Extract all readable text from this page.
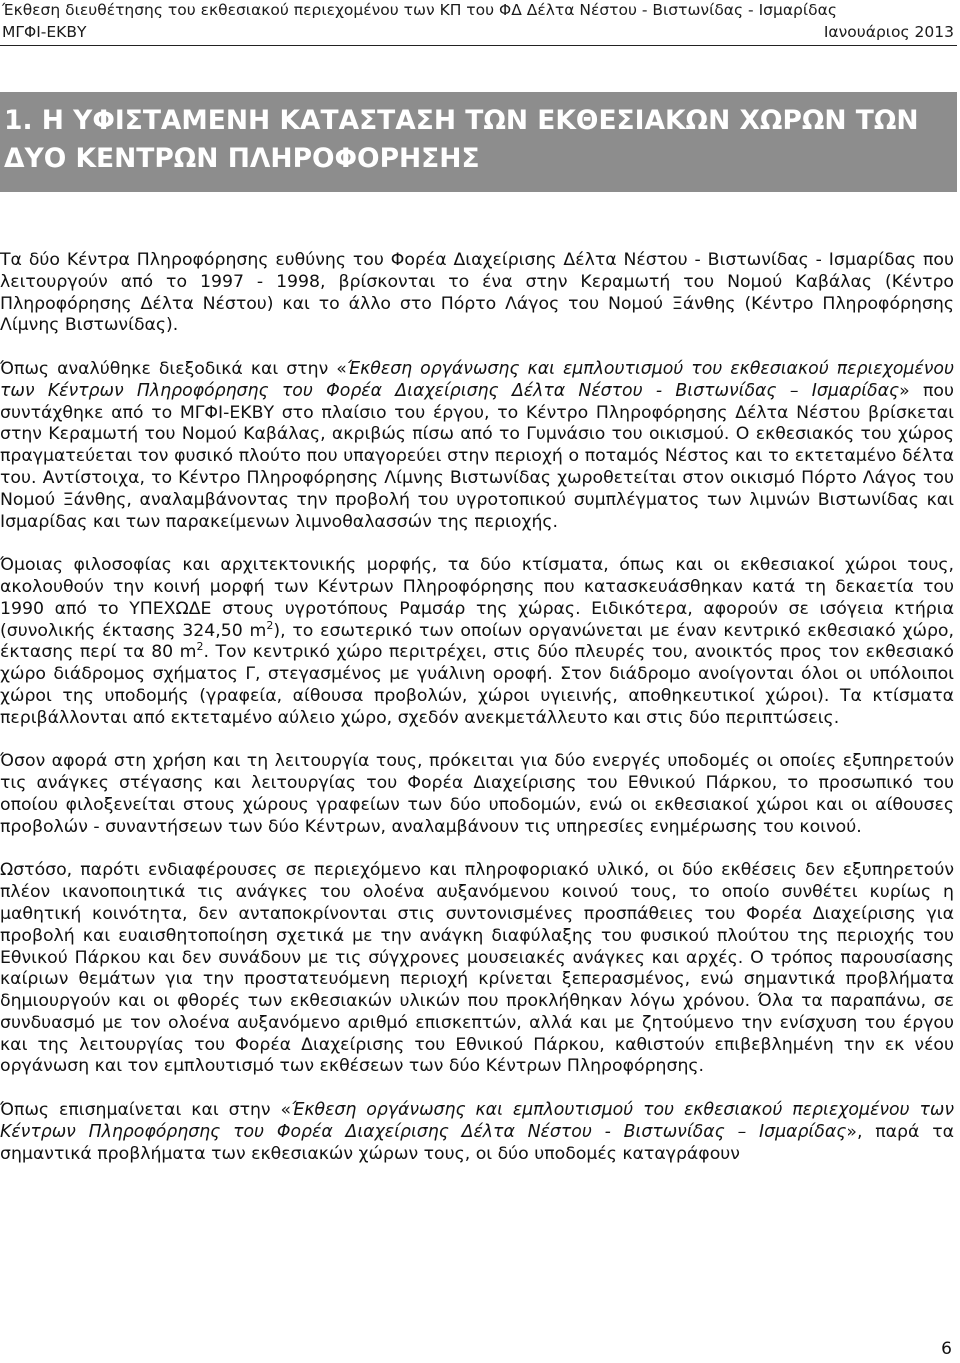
Έκθεση διευθέτησης του εκθεσιακού περιεχομένου των ΚΠ του ΦΔ Δέλτα Νέστου - Βιστωνίδας - Ισμαρίδας
ΜΓΦΙ-ΕΚΒΥ	Ιανουάριος 2013
1. Η ΥΦΙΣΤΑΜΕΝΗ ΚΑΤΑΣΤΑΣΗ ΤΩΝ ΕΚΘΕΣΙΑΚΩΝ ΧΩΡΩΝ ΤΩΝ
ΔΥΟ ΚΕΝΤΡΩΝ ΠΛΗΡΟΦΟΡΗΣΗΣ

Τα δύο Κέντρα Πληροφόρησης ευθύνης του Φορέα Διαχείρισης Δέλτα Νέστου - Βιστωνίδας - Ισμαρίδας που λειτουργούν από το 1997 - 1998, βρίσκονται το ένα στην Κεραμωτή του Νομού Καβάλας (Κέντρο Πληροφόρησης Δέλτα Νέστου) και το άλλο στο Πόρτο Λάγος του Νομού Ξάνθης (Κέντρο Πληροφόρησης Λίμνης Βιστωνίδας).

Όπως αναλύθηκε διεξοδικά και στην «Έκθεση οργάνωσης και εμπλουτισμού του εκθεσιακού περιεχομένου των Κέντρων Πληροφόρησης του Φορέα Διαχείρισης Δέλτα Νέστου - Βιστωνίδας – Ισμαρίδας» που συντάχθηκε από το ΜΓΦΙ-ΕΚΒΥ στο πλαίσιο του έργου, το Κέντρο Πληροφόρησης Δέλτα Νέστου βρίσκεται στην Κεραμωτή του Νομού Καβάλας, ακριβώς πίσω από το Γυμνάσιο του οικισμού. Ο εκθεσιακός του χώρος πραγματεύεται τον φυσικό πλούτο που υπαγορεύει στην περιοχή ο ποταμός Νέστος και το εκτεταμένο δέλτα του. Αντίστοιχα, το Κέντρο Πληροφόρησης Λίμνης Βιστωνίδας χωροθετείται στον οικισμό Πόρτο Λάγος του Νομού Ξάνθης, αναλαμβάνοντας την προβολή του υγροτοπικού συμπλέγματος των λιμνών Βιστωνίδας και Ισμαρίδας και των παρακείμενων λιμνοθαλασσών της περιοχής.

Όμοιας φιλοσοφίας και αρχιτεκτονικής μορφής, τα δύο κτίσματα, όπως και οι εκθεσιακοί χώροι τους, ακολουθούν την κοινή μορφή των Κέντρων Πληροφόρησης που κατασκευάσθηκαν κατά τη δεκαετία του 1990 από το ΥΠΕΧΩΔΕ στους υγροτόπους Ραμσάρ της χώρας. Ειδικότερα, αφορούν σε ισόγεια κτήρια (συνολικής έκτασης 324,50 $m^2$), το εσωτερικό των οποίων οργανώνεται με έναν κεντρικό εκθεσιακό χώρο, έκτασης περί τα 80 $m^2$. Τον κεντρικό χώρο περιτρέχει, στις δύο πλευρές του, ανοικτός προς τον εκθεσιακό χώρο διάδρομος σχήματος Γ, στεγασμένος με γυάλινη οροφή. Στον διάδρομο ανοίγονται όλοι οι υπόλοιποι χώροι της υποδομής (γραφεία, αίθουσα προβολών, χώροι υγιεινής, αποθηκευτικοί χώροι). Τα κτίσματα περιβάλλονται από εκτεταμένο αύλειο χώρο, σχεδόν ανεκμετάλλευτο και στις δύο περιπτώσεις.

Όσον αφορά στη χρήση και τη λειτουργία τους, πρόκειται για δύο ενεργές υποδομές οι οποίες εξυπηρετούν τις ανάγκες στέγασης και λειτουργίας του Φορέα Διαχείρισης του Εθνικού Πάρκου, το προσωπικό του οποίου φιλοξενείται στους χώρους γραφείων των δύο υποδομών, ενώ οι εκθεσιακοί χώροι και οι αίθουσες προβολών - συναντήσεων των δύο Κέντρων, αναλαμβάνουν τις υπηρεσίες ενημέρωσης του κοινού.

Ωστόσο, παρότι ενδιαφέρουσες σε περιεχόμενο και πληροφοριακό υλικό, οι δύο εκθέσεις δεν εξυπηρετούν πλέον ικανοποιητικά τις ανάγκες του ολοένα αυξανόμενου κοινού τους, το οποίο συνθέτει κυρίως η μαθητική κοινότητα, δεν ανταποκρίνονται στις συντονισμένες προσπάθειες του Φορέα Διαχείρισης για προβολή και ευαισθητοποίηση σχετικά με την ανάγκη διαφύλαξης του φυσικού πλούτου της περιοχής του Εθνικού Πάρκου και δεν συνάδουν με τις σύγχρονες μουσειακές ανάγκες και αρχές. Ο τρόπος παρουσίασης καίριων θεμάτων για την προστατευόμενη περιοχή κρίνεται ξεπερασμένος, ενώ σημαντικά προβλήματα δημιουργούν και οι φθορές των εκθεσιακών υλικών που προκλήθηκαν λόγω χρόνου. Όλα τα παραπάνω, σε συνδυασμό με τον ολοένα αυξανόμενο αριθμό επισκεπτών, αλλά και με ζητούμενο την ενίσχυση του έργου και της λειτουργίας του Φορέα Διαχείρισης του Εθνικού Πάρκου, καθιστούν επιβεβλημένη την εκ νέου οργάνωση και τον εμπλουτισμό των εκθέσεων των δύο Κέντρων Πληροφόρησης.

Όπως επισημαίνεται και στην «Έκθεση οργάνωσης και εμπλουτισμού του εκθεσιακού περιεχομένου των Κέντρων Πληροφόρησης του Φορέα Διαχείρισης Δέλτα Νέστου - Βιστωνίδας – Ισμαρίδας», παρά τα σημαντικά προβλήματα των εκθεσιακών χώρων τους, οι δύο υποδομές καταγράφουν

6
